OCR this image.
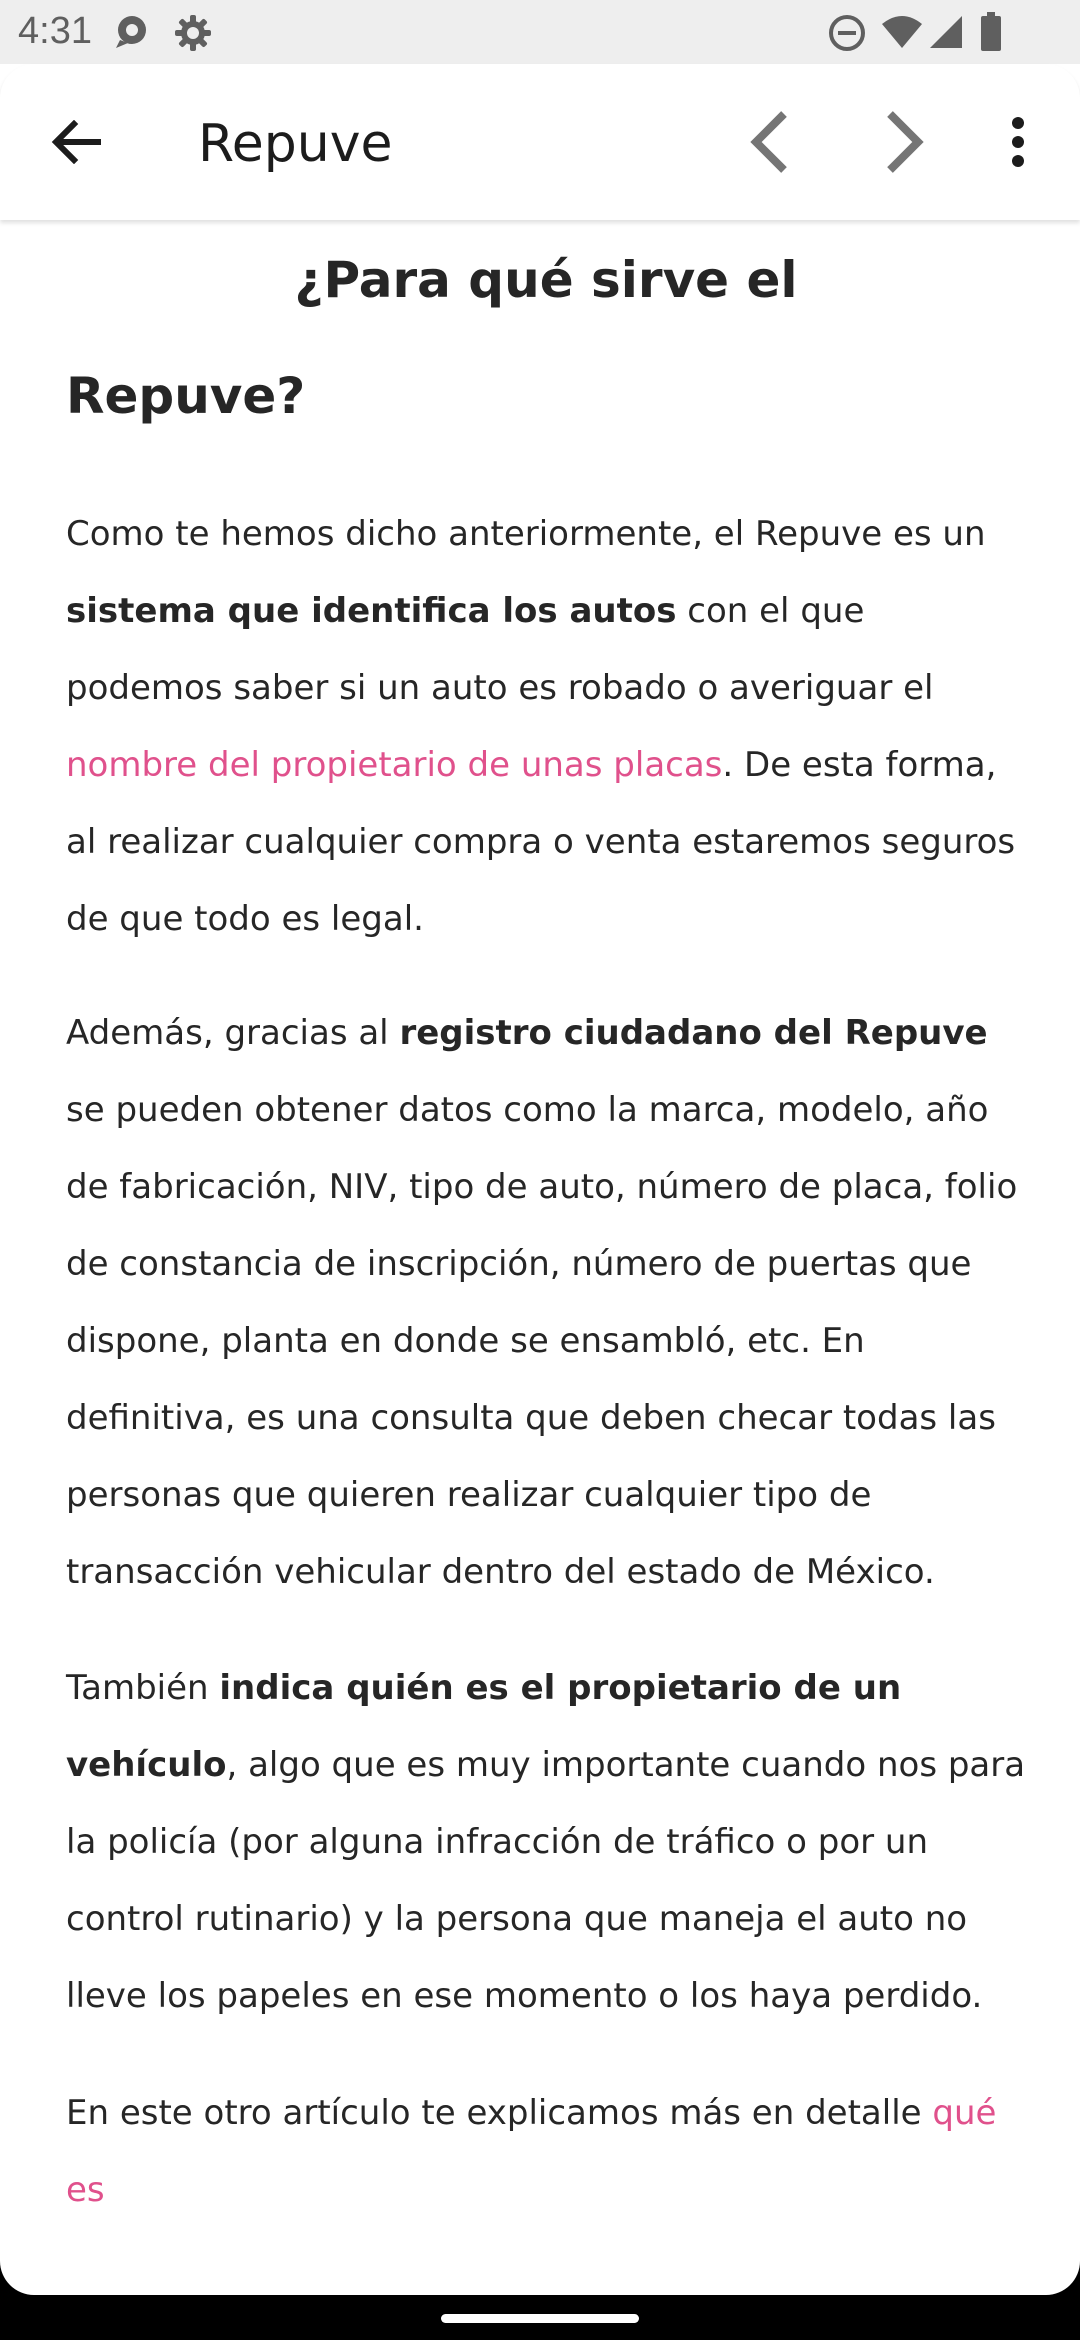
4:31
Repuve
¿Para qué sirve el
Repuve?

Como te hemos dicho anteriormente, el Repuve es un sistema que identifica los autos con el que podemos saber si un auto es robado o averiguar el nombre del propietario de unas placas. De esta forma, al realizar cualquier compra o venta estaremos seguros de que todo es legal.

Además, gracias al registro ciudadano del Repuve se pueden obtener datos como la marca, modelo, año de fabricación, NIV, tipo de auto, número de placa, folio de constancia de inscripción, número de puertas que dispone, planta en donde se ensambló, etc. En definitiva, es una consulta que deben checar todas las personas que quieren realizar cualquier tipo de transacción vehicular dentro del estado de México.

También indica quién es el propietario de un vehículo, algo que es muy importante cuando nos para la policía (por alguna infracción de tráfico o por un control rutinario) y la persona que maneja el auto no lleve los papeles en ese momento o los haya perdido.

En este otro artículo te explicamos más en detalle qué es
